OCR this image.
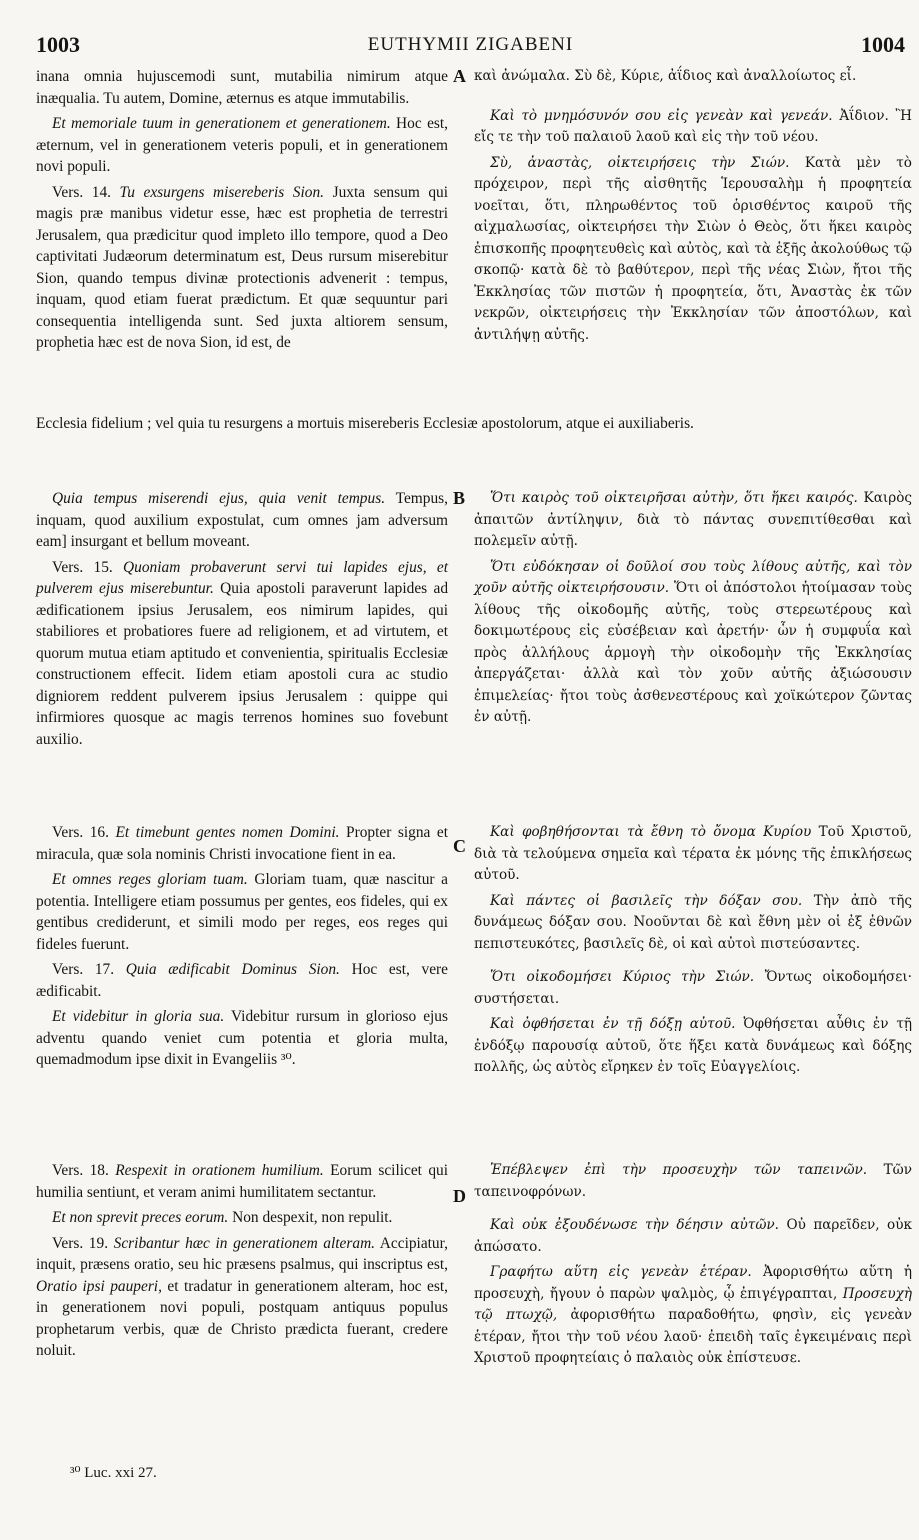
1003	EUTHYMII ZIGABENI	1004

inana omnia hujuscemodi sunt, mutabilia nimirum atque inæqualia. Tu autem, Domine, æternus es atque immutabilis.

Et memoriale tuum in generationem et generationem. Hoc est, æternum, vel in generationem veteris populi, et in generationem novi populi.

Vers. 14. Tu exsurgens misereberis Sion. Juxta sensum qui magis præ manibus videtur esse, hæc est prophetia de terrestri Jerusalem, qua prædicitur quod impleto illo tempore, quod a Deo captivitati Judæorum determinatum est, Deus rursum miserebitur Sion, quando tempus divinæ protectionis advenerit : tempus, inquam, quod etiam fuerat prædictum. Et quæ sequuntur pari consequentia intelligenda sunt. Sed juxta altiorem sensum, prophetia hæc est de nova Sion, id est, de

A καὶ ἀνώμαλα. Σὺ δὲ, Κύριε, ἀΐδιος καὶ ἀναλλοίωτος εἶ.

Καὶ τὸ μνημόσυνόν σου εἰς γενεὰν καὶ γενεάν. Ἀΐδιον. Ἢ εἴς τε τὴν τοῦ παλαιοῦ λαοῦ καὶ εἰς τὴν τοῦ νέου.

Σὺ, ἀναστὰς, οἰκτειρήσεις τὴν Σιών. Κατὰ μὲν τὸ πρόχειρον, περὶ τῆς αἰσθητῆς Ἱερουσαλὴμ ἡ προφητεία νοεῖται, ὅτι, πληρωθέντος τοῦ ὁρισθέντος καιροῦ τῆς αἰχμαλωσίας, οἰκτειρήσει τὴν Σιὼν ὁ Θεὸς, ὅτι ἥκει καιρὸς ἐπισκοπῆς προφητευθεὶς καὶ αὐτὸς, καὶ τὰ ἑξῆς ἀκολούθως τῷ σκοπῷ· κατὰ δὲ τὸ βαθύτερον, περὶ τῆς νέας Σιὼν, ἤτοι τῆς Ἐκκλησίας τῶν πιστῶν ἡ προφητεία, ὅτι, Ἀναστὰς ἐκ τῶν νεκρῶν, οἰκτειρήσεις τὴν Ἐκκλησίαν τῶν ἀποστόλων, καὶ ἀντιλήψῃ αὐτῆς.

Ecclesia fidelium ; vel quia tu resurgens a mortuis misereberis Ecclesiæ apostolorum, atque ei auxiliaberis.

Quia tempus miserendi ejus, quia venit tempus. Tempus, inquam, quod auxilium expostulat, cum omnes jam adversum eam] insurgant et bellum moveant.

Vers. 15. Quoniam probaverunt servi tui lapides ejus, et pulverem ejus miserebuntur. Quia apostoli paraverunt lapides ad ædificationem ipsius Jerusalem, eos nimirum lapides, qui stabiliores et probatiores fuere ad religionem, et ad virtutem, et quorum mutua etiam aptitudo et convenientia, spiritualis Ecclesiæ constructionem effecit. Iidem etiam apostoli cura ac studio digniorem reddent pulverem ipsius Jerusalem : quippe qui infirmiores quosque ac magis terrenos homines suo fovebunt auxilio.

B	Ὅτι καιρὸς τοῦ οἰκτειρῆσαι αὐτὴν, ὅτι ἥκει καιρός. Καιρὸς ἀπαιτῶν ἀντίληψιν, διὰ τὸ πάντας συνεπιτίθεσθαι καὶ πολεμεῖν αὐτῇ.

Ὅτι εὐδόκησαν οἱ δοῦλοί σου τοὺς λίθους αὐτῆς, καὶ τὸν χοῦν αὐτῆς οἰκτειρήσουσιν. Ὅτι οἱ ἀπόστολοι ἡτοίμασαν τοὺς λίθους τῆς οἰκοδομῆς αὐτῆς, τοὺς στερεωτέρους καὶ δοκιμωτέρους εἰς εὐσέβειαν καὶ ἀρετήν· ὧν ἡ συμφυΐα καὶ πρὸς ἀλλήλους ἁρμογὴ τὴν οἰκοδομὴν τῆς Ἐκκλησίας ἀπεργάζεται· ἀλλὰ καὶ τὸν χοῦν αὐτῆς ἀξιώσουσιν ἐπιμελείας· ἤτοι τοὺς ἀσθενεστέρους καὶ χοϊκώτερον ζῶντας ἐν αὐτῇ.

Vers. 16. Et timebunt gentes nomen Domini. Propter signa et miracula, quæ sola nominis Christi invocatione fient in ea.

Et omnes reges gloriam tuam. Gloriam tuam, quæ nascitur a potentia. Intelligere etiam possumus per gentes, eos fideles, qui ex gentibus crediderunt, et simili modo per reges, eos reges qui fideles fuerunt.

Vers. 17. Quia ædificabit Dominus Sion. Hoc est, vere ædificabit.

Et videbitur in gloria sua. Videbitur rursum in glorioso ejus adventu quando veniet cum potentia et gloria multa, quemadmodum ipse dixit in Evangeliis ³⁰.

C

Καὶ φοβηθήσονται τὰ ἔθνη τὸ ὄνομα Κυρίου Τοῦ Χριστοῦ, διὰ τὰ τελούμενα σημεῖα καὶ τέρατα ἐκ μόνης τῆς ἐπικλήσεως αὐτοῦ.

Καὶ πάντες οἱ βασιλεῖς τὴν δόξαν σου. Τὴν ἀπὸ τῆς δυνάμεως δόξαν σου. Νοοῦνται δὲ καὶ ἔθνη μὲν οἱ ἐξ ἐθνῶν πεπιστευκότες, βασιλεῖς δὲ, οἱ καὶ αὐτοὶ πιστεύσαντες.

Ὅτι οἰκοδομήσει Κύριος τὴν Σιών. Ὄντως οἰκοδομήσει· συστήσεται.

Καὶ ὀφθήσεται ἐν τῇ δόξῃ αὐτοῦ. Ὀφθήσεται αὖθις ἐν τῇ ἐνδόξῳ παρουσίᾳ αὐτοῦ, ὅτε ἥξει κατὰ δυνάμεως καὶ δόξης πολλῆς, ὡς αὐτὸς εἴρηκεν ἐν τοῖς Εὐαγγελίοις.

Vers. 18. Respexit in orationem humilium. Eorum scilicet qui humilia sentiunt, et veram animi humilitatem sectantur.

Et non sprevit preces eorum. Non despexit, non repulit.

Vers. 19. Scribantur hæc in generationem alteram. Accipiatur, inquit, præsens oratio, seu hic præsens psalmus, qui inscriptus est, Oratio ipsi pauperi, et tradatur in generationem alteram, hoc est, in generationem novi populi, postquam antiquus populus prophetarum verbis, quæ de Christo prædicta fuerant, credere noluit.

D

Ἐπέβλεψεν ἐπὶ τὴν προσευχὴν τῶν ταπεινῶν. Τῶν ταπεινοφρόνων.

Καὶ οὐκ ἐξουδένωσε τὴν δέησιν αὐτῶν. Οὐ παρεῖδεν, οὐκ ἀπώσατο.

Γραφήτω αὕτη εἰς γενεὰν ἑτέραν. Ἀφορισθήτω αὕτη ἡ προσευχὴ, ἤγουν ὁ παρὼν ψαλμὸς, ᾧ ἐπιγέγραπται, Προσευχὴ τῷ πτωχῷ, ἀφορισθήτω παραδοθήτω, φησὶν, εἰς γενεὰν ἑτέραν, ἤτοι τὴν τοῦ νέου λαοῦ· ἐπειδὴ ταῖς ἐγκειμέναις περὶ Χριστοῦ προφητείαις ὁ παλαιὸς οὐκ ἐπίστευσε.

³⁰ Luc. xxi 27.
